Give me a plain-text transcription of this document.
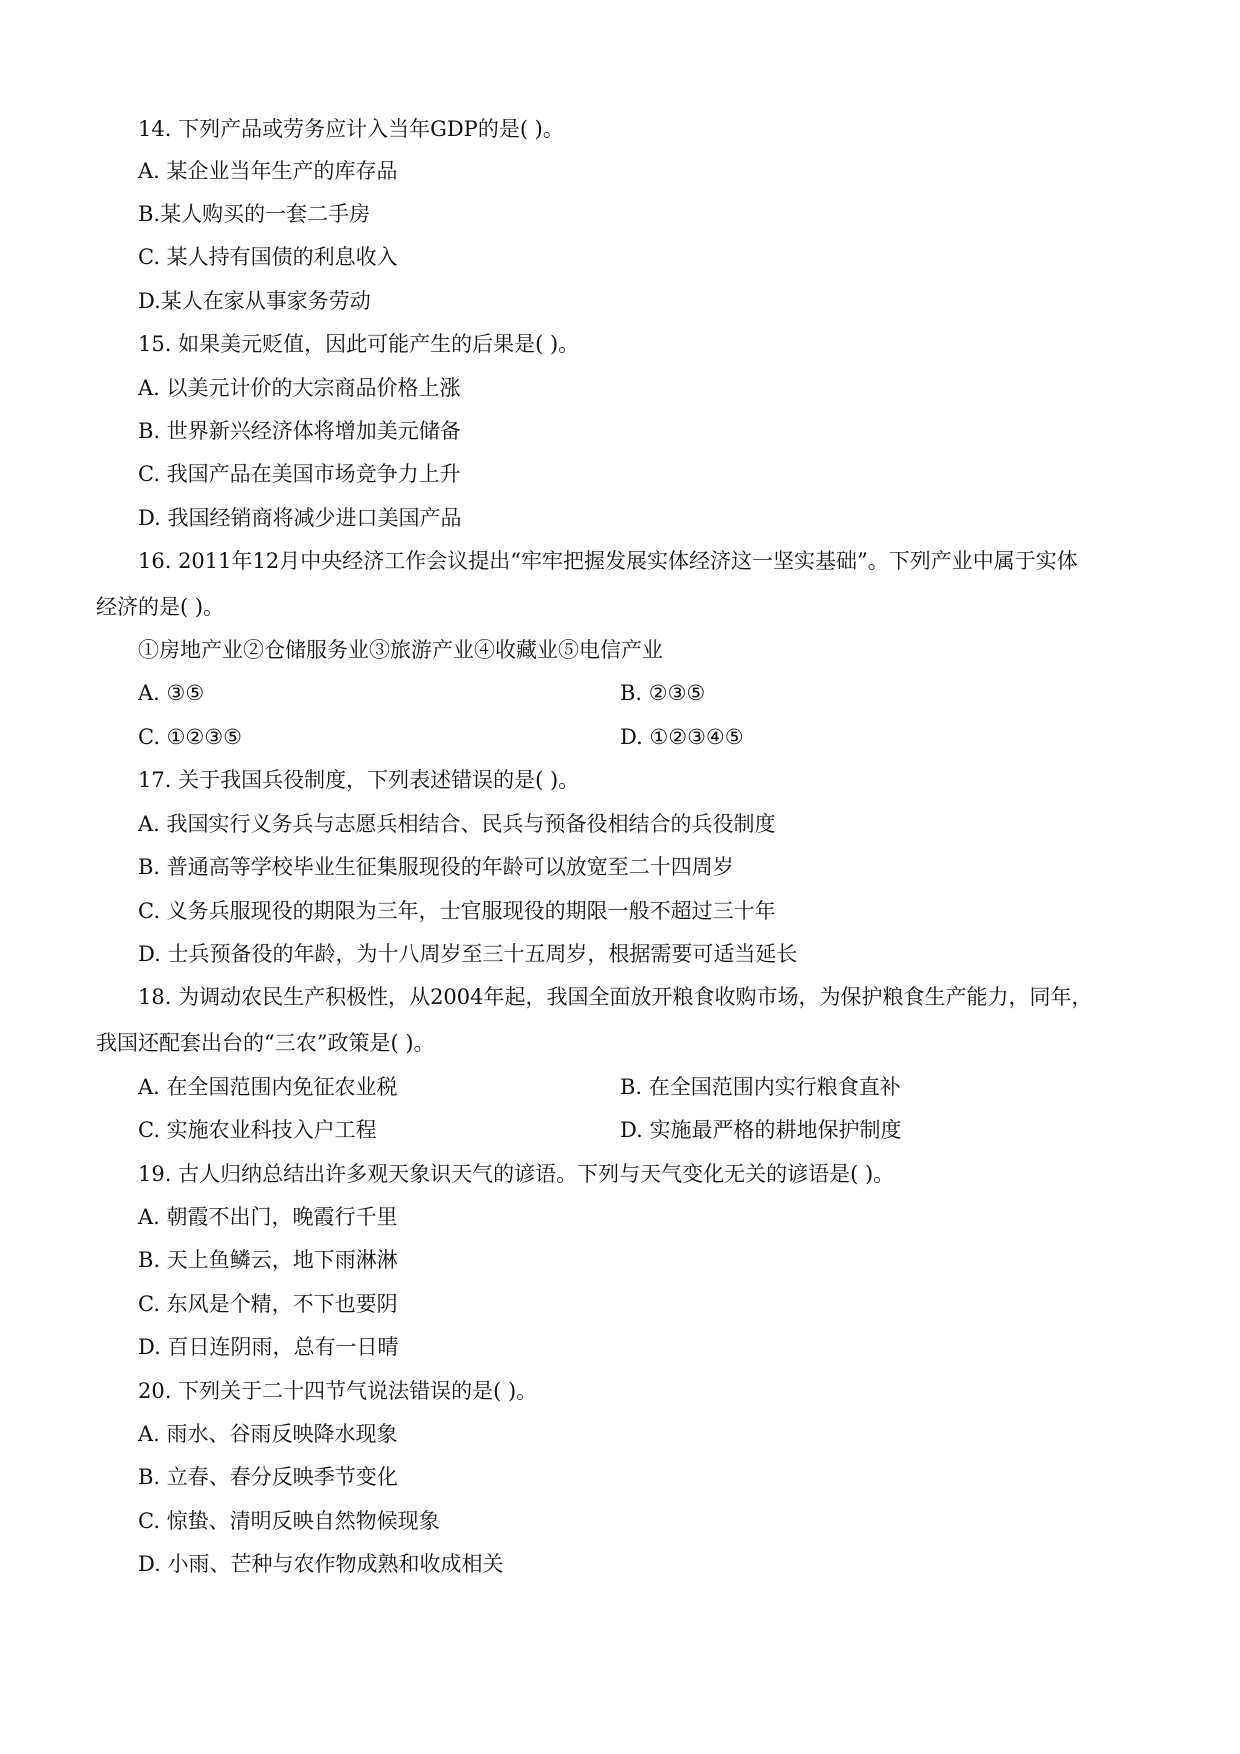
14. 下列产品或劳务应计入当年GDP的是( )。
A. 某企业当年生产的库存品
B.某人购买的一套二手房
C. 某人持有国债的利息收入
D.某人在家从事家务劳动
15. 如果美元贬值，因此可能产生的后果是( )。
A. 以美元计价的大宗商品价格上涨
B. 世界新兴经济体将增加美元储备
C. 我国产品在美国市场竞争力上升
D. 我国经销商将减少进口美国产品
16. 2011年12月中央经济工作会议提出“牢牢把握发展实体经济这一坚实基础”。下列产业中属于实体
经济的是( )。
①房地产业②仓储服务业③旅游产业④收藏业⑤电信产业
A. ③⑤	B. ②③⑤
C. ①②③⑤	D. ①②③④⑤
17. 关于我国兵役制度，下列表述错误的是( )。
A. 我国实行义务兵与志愿兵相结合、民兵与预备役相结合的兵役制度
B. 普通高等学校毕业生征集服现役的年龄可以放宽至二十四周岁
C. 义务兵服现役的期限为三年，士官服现役的期限一般不超过三十年
D. 士兵预备役的年龄，为十八周岁至三十五周岁，根据需要可适当延长
18. 为调动农民生产积极性，从2004年起，我国全面放开粮食收购市场，为保护粮食生产能力，同年，
我国还配套出台的“三农”政策是( )。
A. 在全国范围内免征农业税	B. 在全国范围内实行粮食直补
C. 实施农业科技入户工程	D. 实施最严格的耕地保护制度
19. 古人归纳总结出许多观天象识天气的谚语。下列与天气变化无关的谚语是( )。
A. 朝霞不出门，晚霞行千里
B. 天上鱼鳞云，地下雨淋淋
C. 东风是个精，不下也要阴
D. 百日连阴雨，总有一日晴
20. 下列关于二十四节气说法错误的是( )。
A. 雨水、谷雨反映降水现象
B. 立春、春分反映季节变化
C. 惊蛰、清明反映自然物候现象
D. 小雨、芒种与农作物成熟和收成相关
